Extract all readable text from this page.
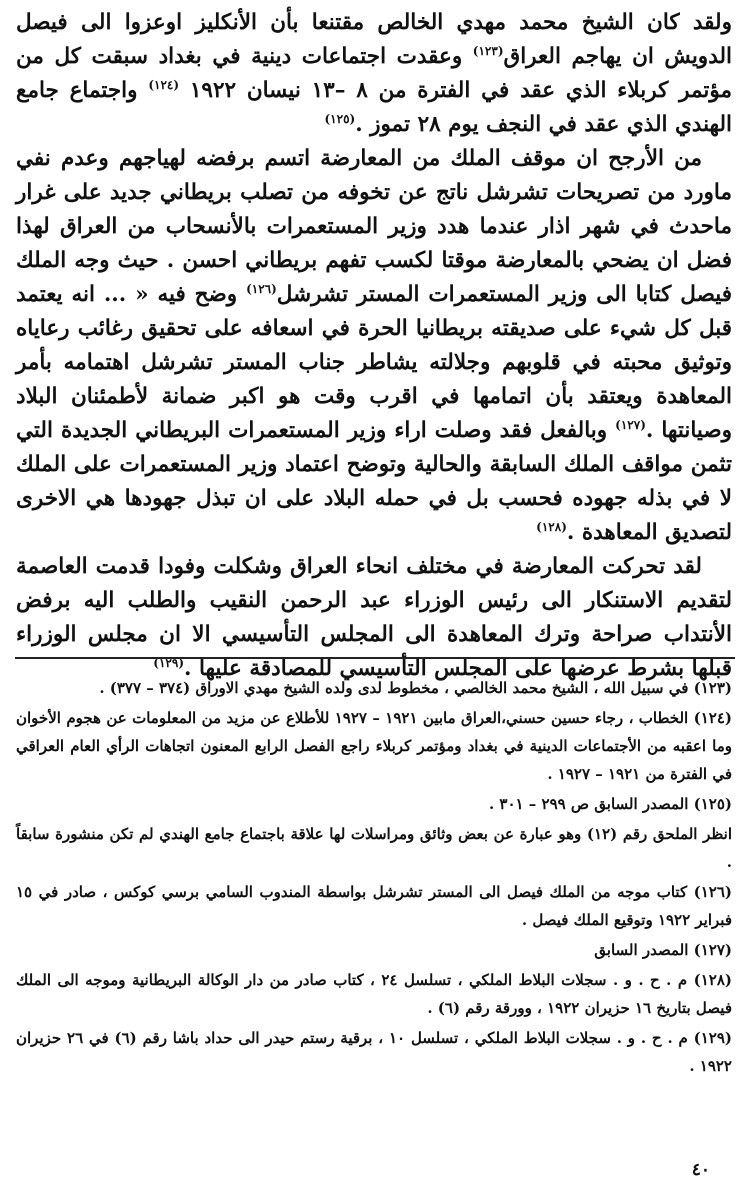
ولقد كان الشيخ محمد مهدي الخالص مقتنعا بأن الأنكليز اوعزوا الى فيصل الدويش ان يهاجم العراق$^{(١٢٣)}$ وعقدت اجتماعات دينية في بغداد سبقت كل من مؤتمر كربلاء الذي عقد في الفترة من ٨ –١٣ نيسان ١٩٢٢ $^{(١٢٤)}$ واجتماع جامع الهندي الذي عقد في النجف يوم ٢٨ تموز .$^{(١٢٥)}$

من الأرجح ان موقف الملك من المعارضة اتسم برفضه لهياجهم وعدم نفي ماورد من تصريحات تشرشل ناتج عن تخوفه من تصلب بريطاني جديد على غرار ماحدث في شهر اذار عندما هدد وزير المستعمرات بالأنسحاب من العراق لهذا فضل ان يضحي بالمعارضة موقتا لكسب تفهم بريطاني احسن . حيث وجه الملك فيصل كتابا الى وزير المستعمرات المستر تشرشل$^{(١٢٦)}$ وضح فيه « ... انه يعتمد قبل كل شيء على صديقته بريطانيا الحرة في اسعافه على تحقيق رغائب رعاياه وتوثيق محبته في قلوبهم وجلالته يشاطر جناب المستر تشرشل اهتمامه بأمر المعاهدة ويعتقد بأن اتمامها في اقرب وقت هو اكبر ضمانة لأطمئنان البلاد وصيانتها .$^{(١٢٧)}$ وبالفعل فقد وصلت اراء وزير المستعمرات البريطاني الجديدة التي تثمن مواقف الملك السابقة والحالية وتوضح اعتماد وزير المستعمرات على الملك لا في بذله جهوده فحسب بل في حمله البلاد على ان تبذل جهودها هي الاخرى لتصديق المعاهدة .$^{(١٢٨)}$

لقد تحركت المعارضة في مختلف انحاء العراق وشكلت وفودا قدمت العاصمة لتقديم الاستنكار الى رئيس الوزراء عبد الرحمن النقيب والطلب اليه برفض الأنتداب صراحة وترك المعاهدة الى المجلس التأسيسي الا ان مجلس الوزراء قبلها بشرط عرضها على المجلس التأسيسي للمصادقة عليها .$^{(١٢٩)}$

(١٢٣) في سبيل الله ، الشيخ محمد الخالصي ، مخطوط لدى ولده الشيخ مهدي الاوراق (٣٧٤ – ٣٧٧) .

(١٢٤) الخطاب ، رجاء حسين حسني،العراق مابين ١٩٢١ – ١٩٢٧ للأطلاع عن مزيد من المعلومات عن هجوم الأخوان وما اعقبه من الأجتماعات الدينية في بغداد ومؤتمر كربلاء راجع الفصل الرابع المعنون اتجاهات الرأي العام العراقي في الفترة من ١٩٢١ – ١٩٢٧ .

(١٢٥) المصدر السابق ص ٢٩٩ – ٣٠١ .

انظر الملحق رقم (١٢) وهو عبارة عن بعض وثائق ومراسلات لها علاقة باجتماع جامع الهندي لم تكن منشورة سابقاً .

(١٢٦) كتاب موجه من الملك فيصل الى المستر تشرشل بواسطة المندوب السامي برسي كوكس ، صادر في ١٥ فبراير ١٩٢٢ وتوقيع الملك فيصل .

(١٢٧) المصدر السابق

(١٢٨) م . ح . و . سجلات البلاط الملكي ، تسلسل ٢٤ ، كتاب صادر من دار الوكالة البريطانية وموجه الى الملك فيصل بتاريخ ١٦ حزيران ١٩٢٢ ، وورقة رقم (٦) .

(١٢٩) م . ح . و . سجلات البلاط الملكي ، تسلسل ١٠ ، برقية رستم حيدر الى حداد باشا رقم (٦) في ٢٦ حزيران ١٩٢٢ .

٤٠
